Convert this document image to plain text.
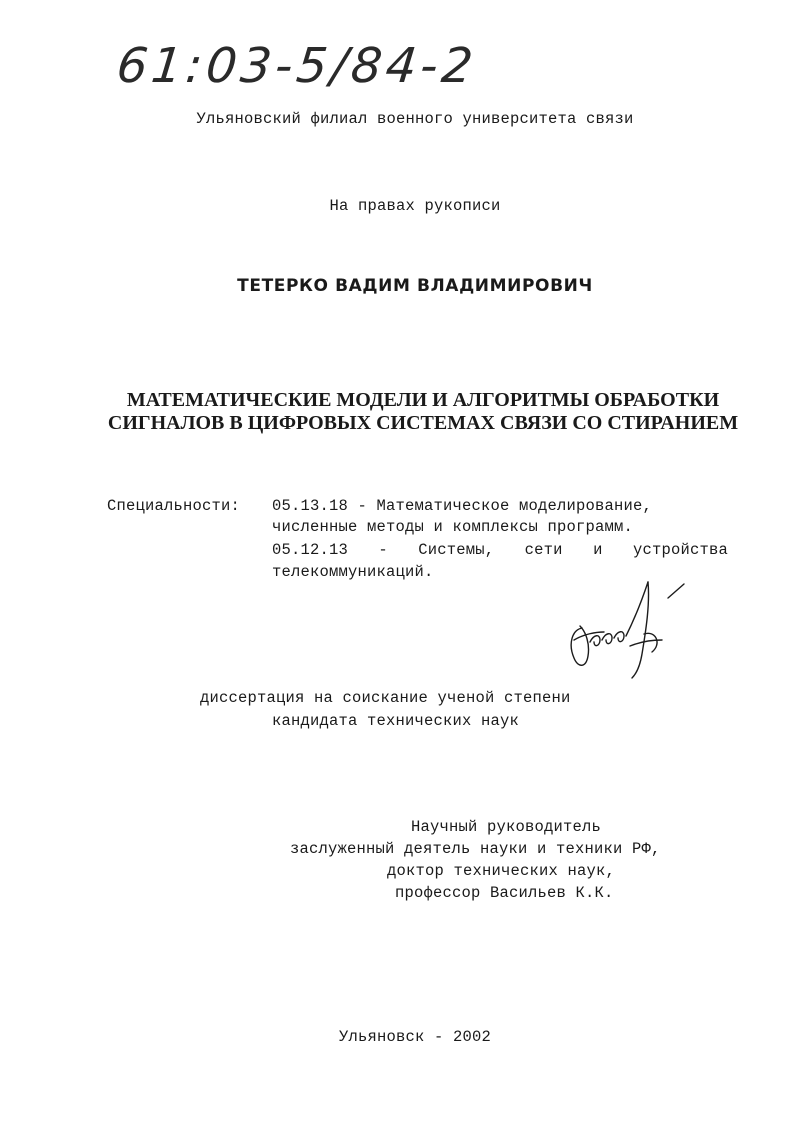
61:03-5/84-2
Ульяновский филиал военного университета связи
На правах рукописи
ТЕТЕРКО ВАДИМ ВЛАДИМИРОВИЧ
МАТЕМАТИЧЕСКИЕ МОДЕЛИ И АЛГОРИТМЫ ОБРАБОТКИ
СИГНАЛОВ В ЦИФРОВЫХ СИСТЕМАХ СВЯЗИ СО СТИРАНИЕМ
Специальности: 05.13.18 - Математическое моделирование,
численные методы и комплексы программ.
05.12.13 - Системы, сети и устройства
телекоммуникаций.
диссертация на соискание ученой степени
кандидата технических наук
Научный руководитель
заслуженный деятель науки и техники РФ,
доктор технических наук,
профессор Васильев К.К.
Ульяновск - 2002
